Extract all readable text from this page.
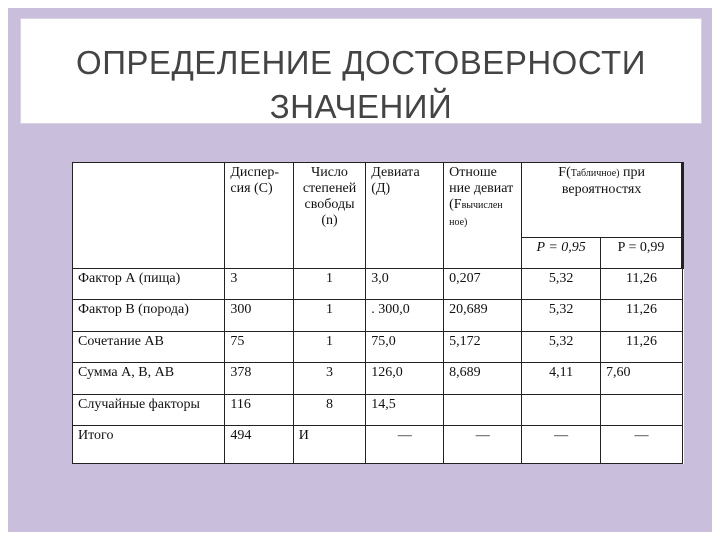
ОПРЕДЕЛЕНИЕ ДОСТОВЕРНОСТИ
ЗНАЧЕНИЙ
	Диспер- сия (С)	Число степеней свободы (n)	Девиата (Д)	Отноше ние девиат (Fвычислен ное)	F(Табличное) при вероятностях	
					P = 0,95	P = 0,99
Фактор А (пища)	3	1	3,0	0,207	5,32	11,26
Фактор В (порода)	300	1	. 300,0	20,689	5,32	11,26
Сочетание АВ	75	1	75,0	5,172	5,32	11,26
Сумма А, В, АВ	378	3	126,0	8,689	4,11	7,60
Случайные факторы	116	8	14,5			
Итого	494	И	—	—	—	—
